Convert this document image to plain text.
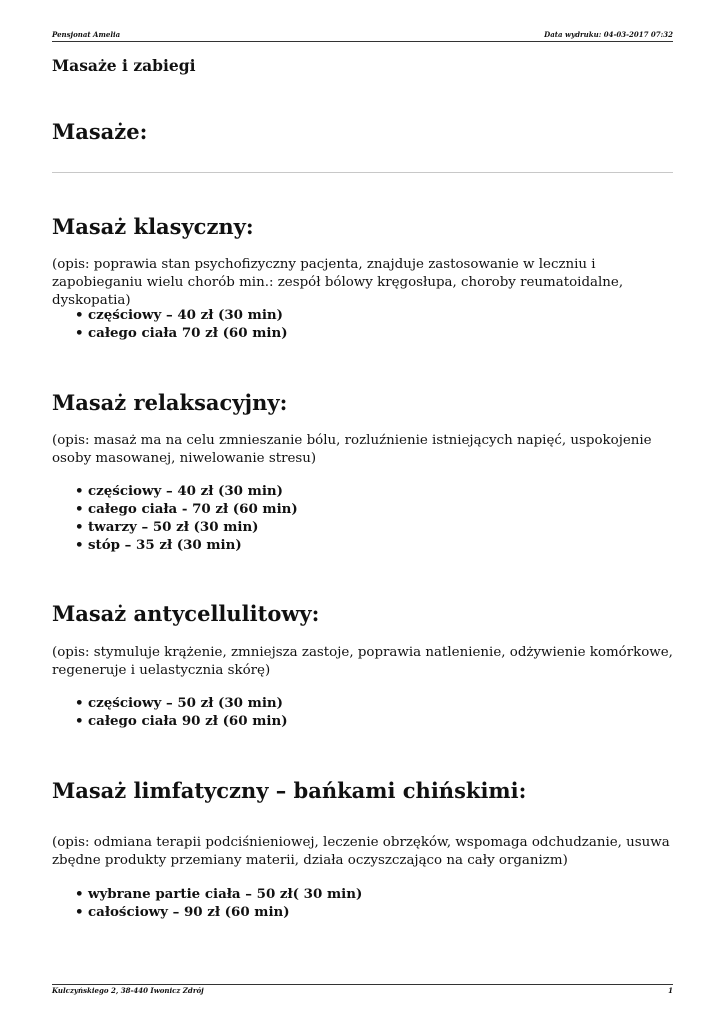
Pensjonat Amelia	Data wydruku: 04-03-2017 07:32
Masaże i zabiegi
Masaże:
Masaż klasyczny:

(opis: poprawia stan psychofizyczny pacjenta, znajduje zastosowanie w leczniu i zapobieganiu wielu chorób min.: zespół bólowy kręgosłupa, choroby reumatoidalne, dyskopatia)

• częściowy – 40 zł (30 min)
• całego ciała 70 zł (60 min)
Masaż relaksacyjny:

(opis: masaż ma na celu zmnieszanie bólu, rozluźnienie istniejących napięć, uspokojenie osoby masowanej, niwelowanie stresu)

• częściowy – 40 zł (30 min)
• całego ciała - 70 zł (60 min)
• twarzy – 50 zł (30 min)
• stóp – 35 zł (30 min)
Masaż antycellulitowy:

(opis: stymuluje krążenie, zmniejsza zastoje, poprawia natlenienie, odżywienie komórkowe, regeneruje i uelastycznia skórę)

• częściowy – 50 zł (30 min)
• całego ciała 90 zł (60 min)
Masaż limfatyczny – bańkami chińskimi:

(opis: odmiana terapii podciśnieniowej, leczenie obrzęków, wspomaga odchudzanie, usuwa zbędne produkty przemiany materii, działa oczyszczająco na cały organizm)

• wybrane partie ciała – 50 zł( 30 min)
• całościowy – 90 zł (60 min)
Kulczyńskiego 2, 38-440 Iwonicz Zdrój	1
